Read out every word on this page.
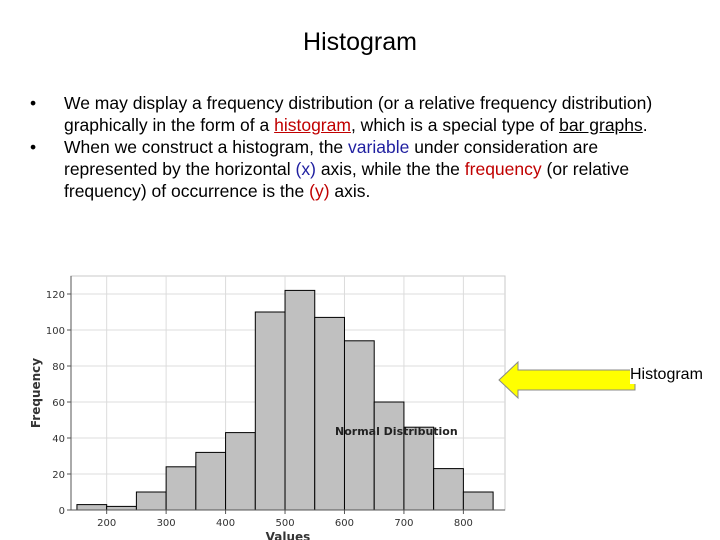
Histogram
• We may display a frequency distribution (or a relative frequency distribution) graphically in the form of a histogram, which is a special type of bar graphs.
• When we construct a histogram, the variable under consideration are represented by the horizontal (x) axis, while the the frequency (or relative frequency) of occurrence is the (y) axis.
0
20
40
60
80
100
120
200	300	400	500	600	700	800
Normal Distribution
Values
Frequency	Histogram
